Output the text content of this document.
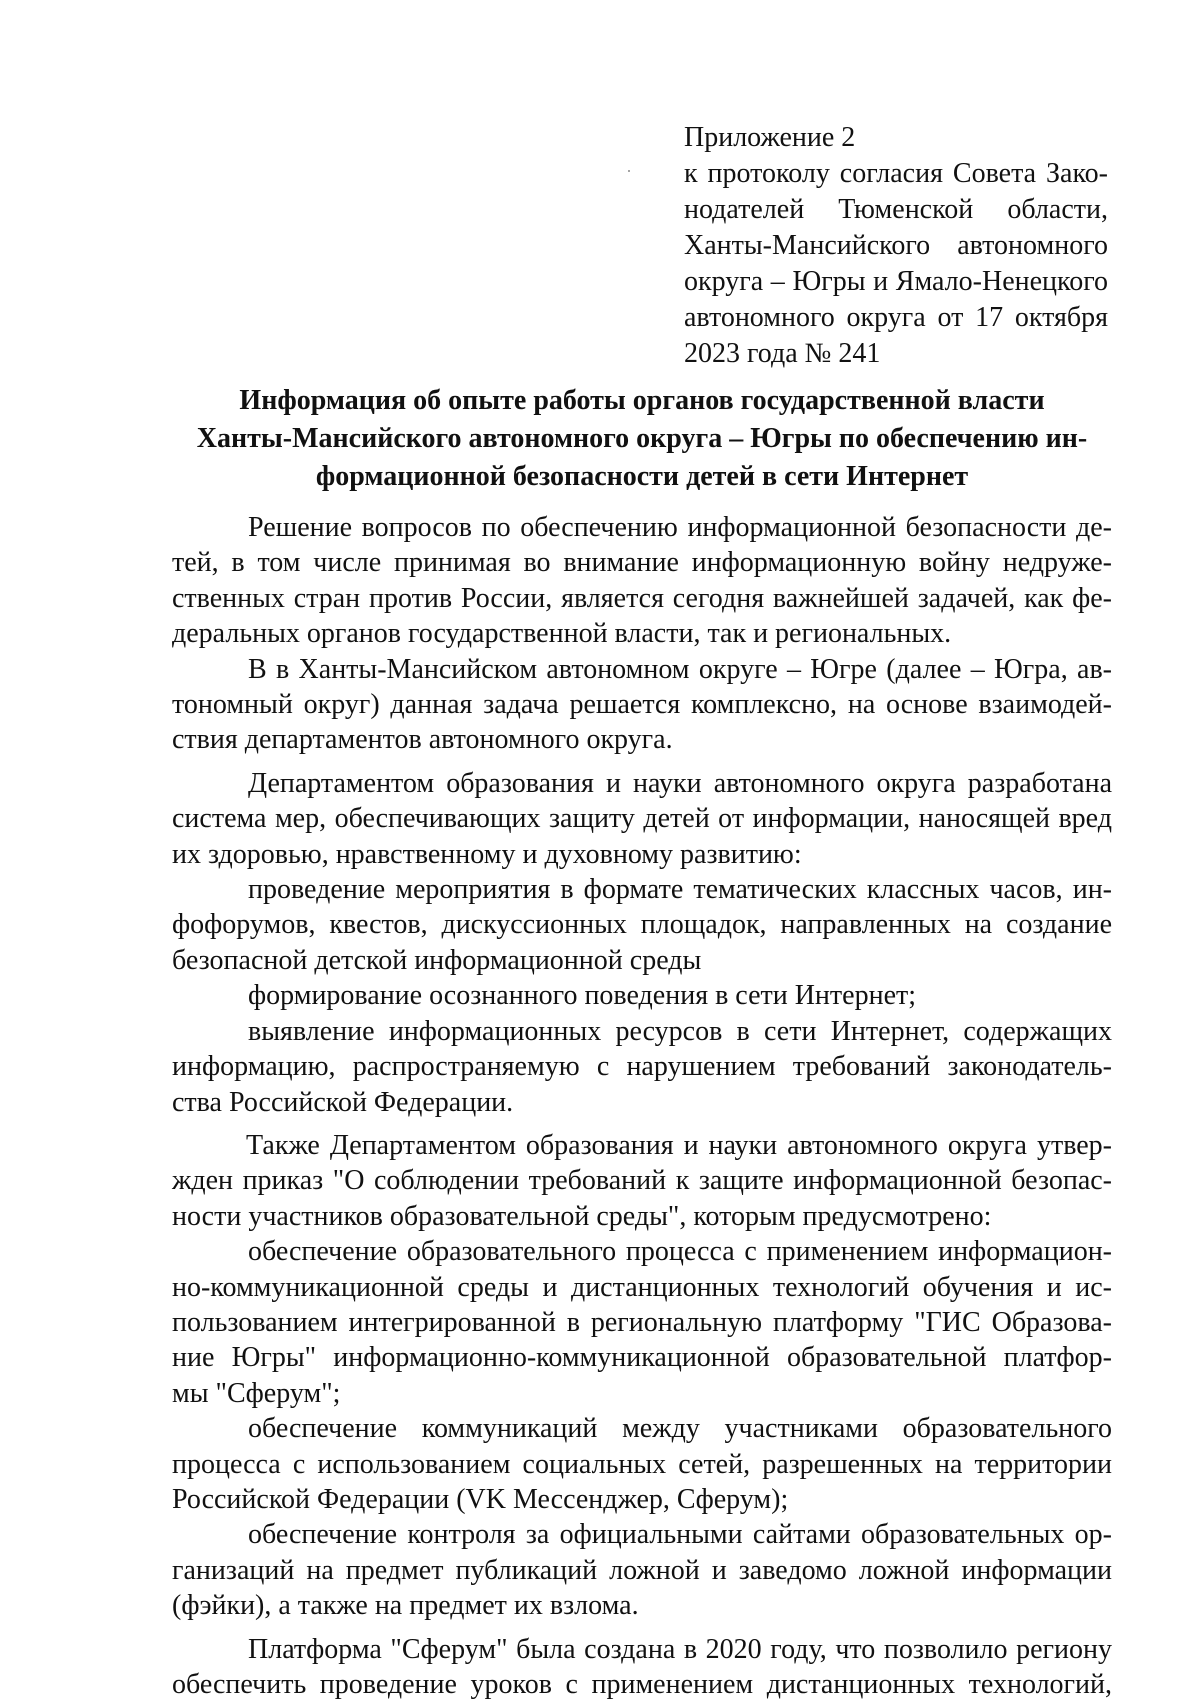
Приложение 2
к протоколу согласия Совета Зако-
нодателей Тюменской области,
Ханты-Мансийского автономного
округа – Югры и Ямало-Ненецкого
автономного округа от 17 октября
2023 года № 241
Информация об опыте работы органов государственной власти
Ханты-Мансийского автономного округа – Югры по обеспечению ин-
формационной безопасности детей в сети Интернет
Решение вопросов по обеспечению информационной безопасности де-
тей, в том числе принимая во внимание информационную войну недруже-
ственных стран против России, является сегодня важнейшей задачей, как фе-
деральных органов государственной власти, так и региональных.
В в Ханты-Мансийском автономном округе – Югре (далее – Югра, ав-
тономный округ) данная задача решается комплексно, на основе взаимодей-
ствия департаментов автономного округа.
Департаментом образования и науки автономного округа разработана
система мер, обеспечивающих защиту детей от информации, наносящей вред
их здоровью, нравственному и духовному развитию:
проведение мероприятия в формате тематических классных часов, ин-
фофорумов, квестов, дискуссионных площадок, направленных на создание
безопасной детской информационной среды
формирование осознанного поведения в сети Интернет;
выявление информационных ресурсов в сети Интернет, содержащих
информацию, распространяемую с нарушением требований законодатель-
ства Российской Федерации.
Также Департаментом образования и науки автономного округа утвер-
жден приказ "О соблюдении требований к защите информационной безопас-
ности участников образовательной среды", которым предусмотрено:
обеспечение образовательного процесса с применением информацион-
но-коммуникационной среды и дистанционных технологий обучения и ис-
пользованием интегрированной в региональную платформу "ГИС Образова-
ние Югры" информационно-коммуникационной образовательной платфор-
мы "Сферум";
обеспечение коммуникаций между участниками образовательного
процесса с использованием социальных сетей, разрешенных на территории
Российской Федерации (VK Мессенджер, Сферум);
обеспечение контроля за официальными сайтами образовательных ор-
ганизаций на предмет публикаций ложной и заведомо ложной информации
(фэйки), а также на предмет их взлома.
Платформа "Сферум" была создана в 2020 году, что позволило региону
обеспечить проведение уроков с применением дистанционных технологий,
